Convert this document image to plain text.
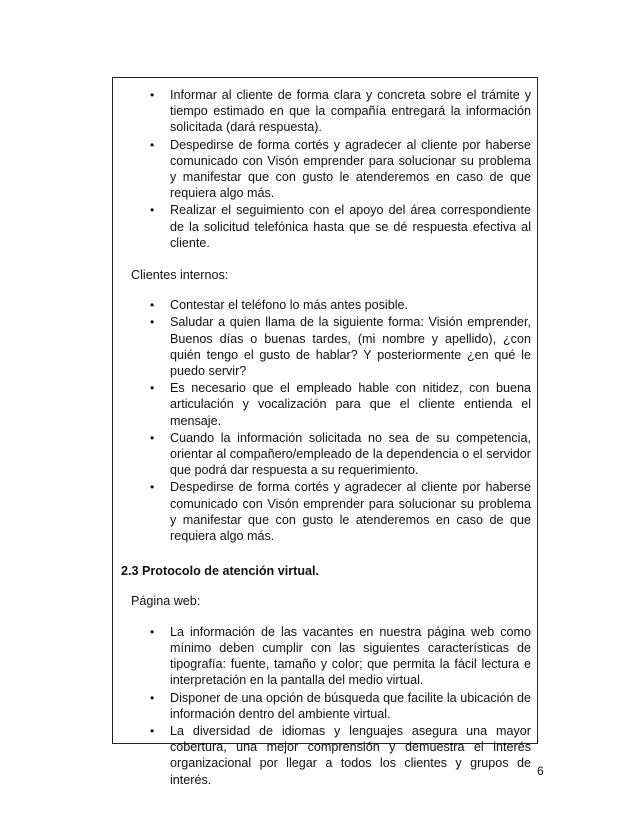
• Informar al cliente de forma clara y concreta sobre el trámite y tiempo estimado en que la compañía entregará la información solicitada (dará respuesta).
• Despedirse de forma cortés y agradecer al cliente por haberse comunicado con Visón emprender para solucionar su problema y manifestar que con gusto le atenderemos en caso de que requiera algo más.
• Realizar el seguimiento con el apoyo del área correspondiente de la solicitud telefónica hasta que se dé respuesta efectiva al cliente.

Clientes internos:

• Contestar el teléfono lo más antes posible.
• Saludar a quien llama de la siguiente forma: Visión emprender, Buenos días o buenas tardes, (mi nombre y apellido), ¿con quién tengo el gusto de hablar? Y posteriormente ¿en qué le puedo servir?
• Es necesario que el empleado hable con nitidez, con buena articulación y vocalización para que el cliente entienda el mensaje.
• Cuando la información solicitada no sea de su competencia, orientar al compañero/empleado de la dependencia o el servidor que podrá dar respuesta a su requerimiento.
• Despedirse de forma cortés y agradecer al cliente por haberse comunicado con Visón emprender para solucionar su problema y manifestar que con gusto le atenderemos en caso de que requiera algo más.

2.3 Protocolo de atención virtual.

Página web:

• La información de las vacantes en nuestra página web como mínimo deben cumplir con las siguientes características de tipografía: fuente, tamaño y color; que permita la fácil lectura e interpretación en la pantalla del medio virtual.
• Disponer de una opción de búsqueda que facilite la ubicación de información dentro del ambiente virtual.
• La diversidad de idiomas y lenguajes asegura una mayor cobertura, una mejor comprensión y demuestra el interés organizacional por llegar a todos los clientes y grupos de interés.
6
